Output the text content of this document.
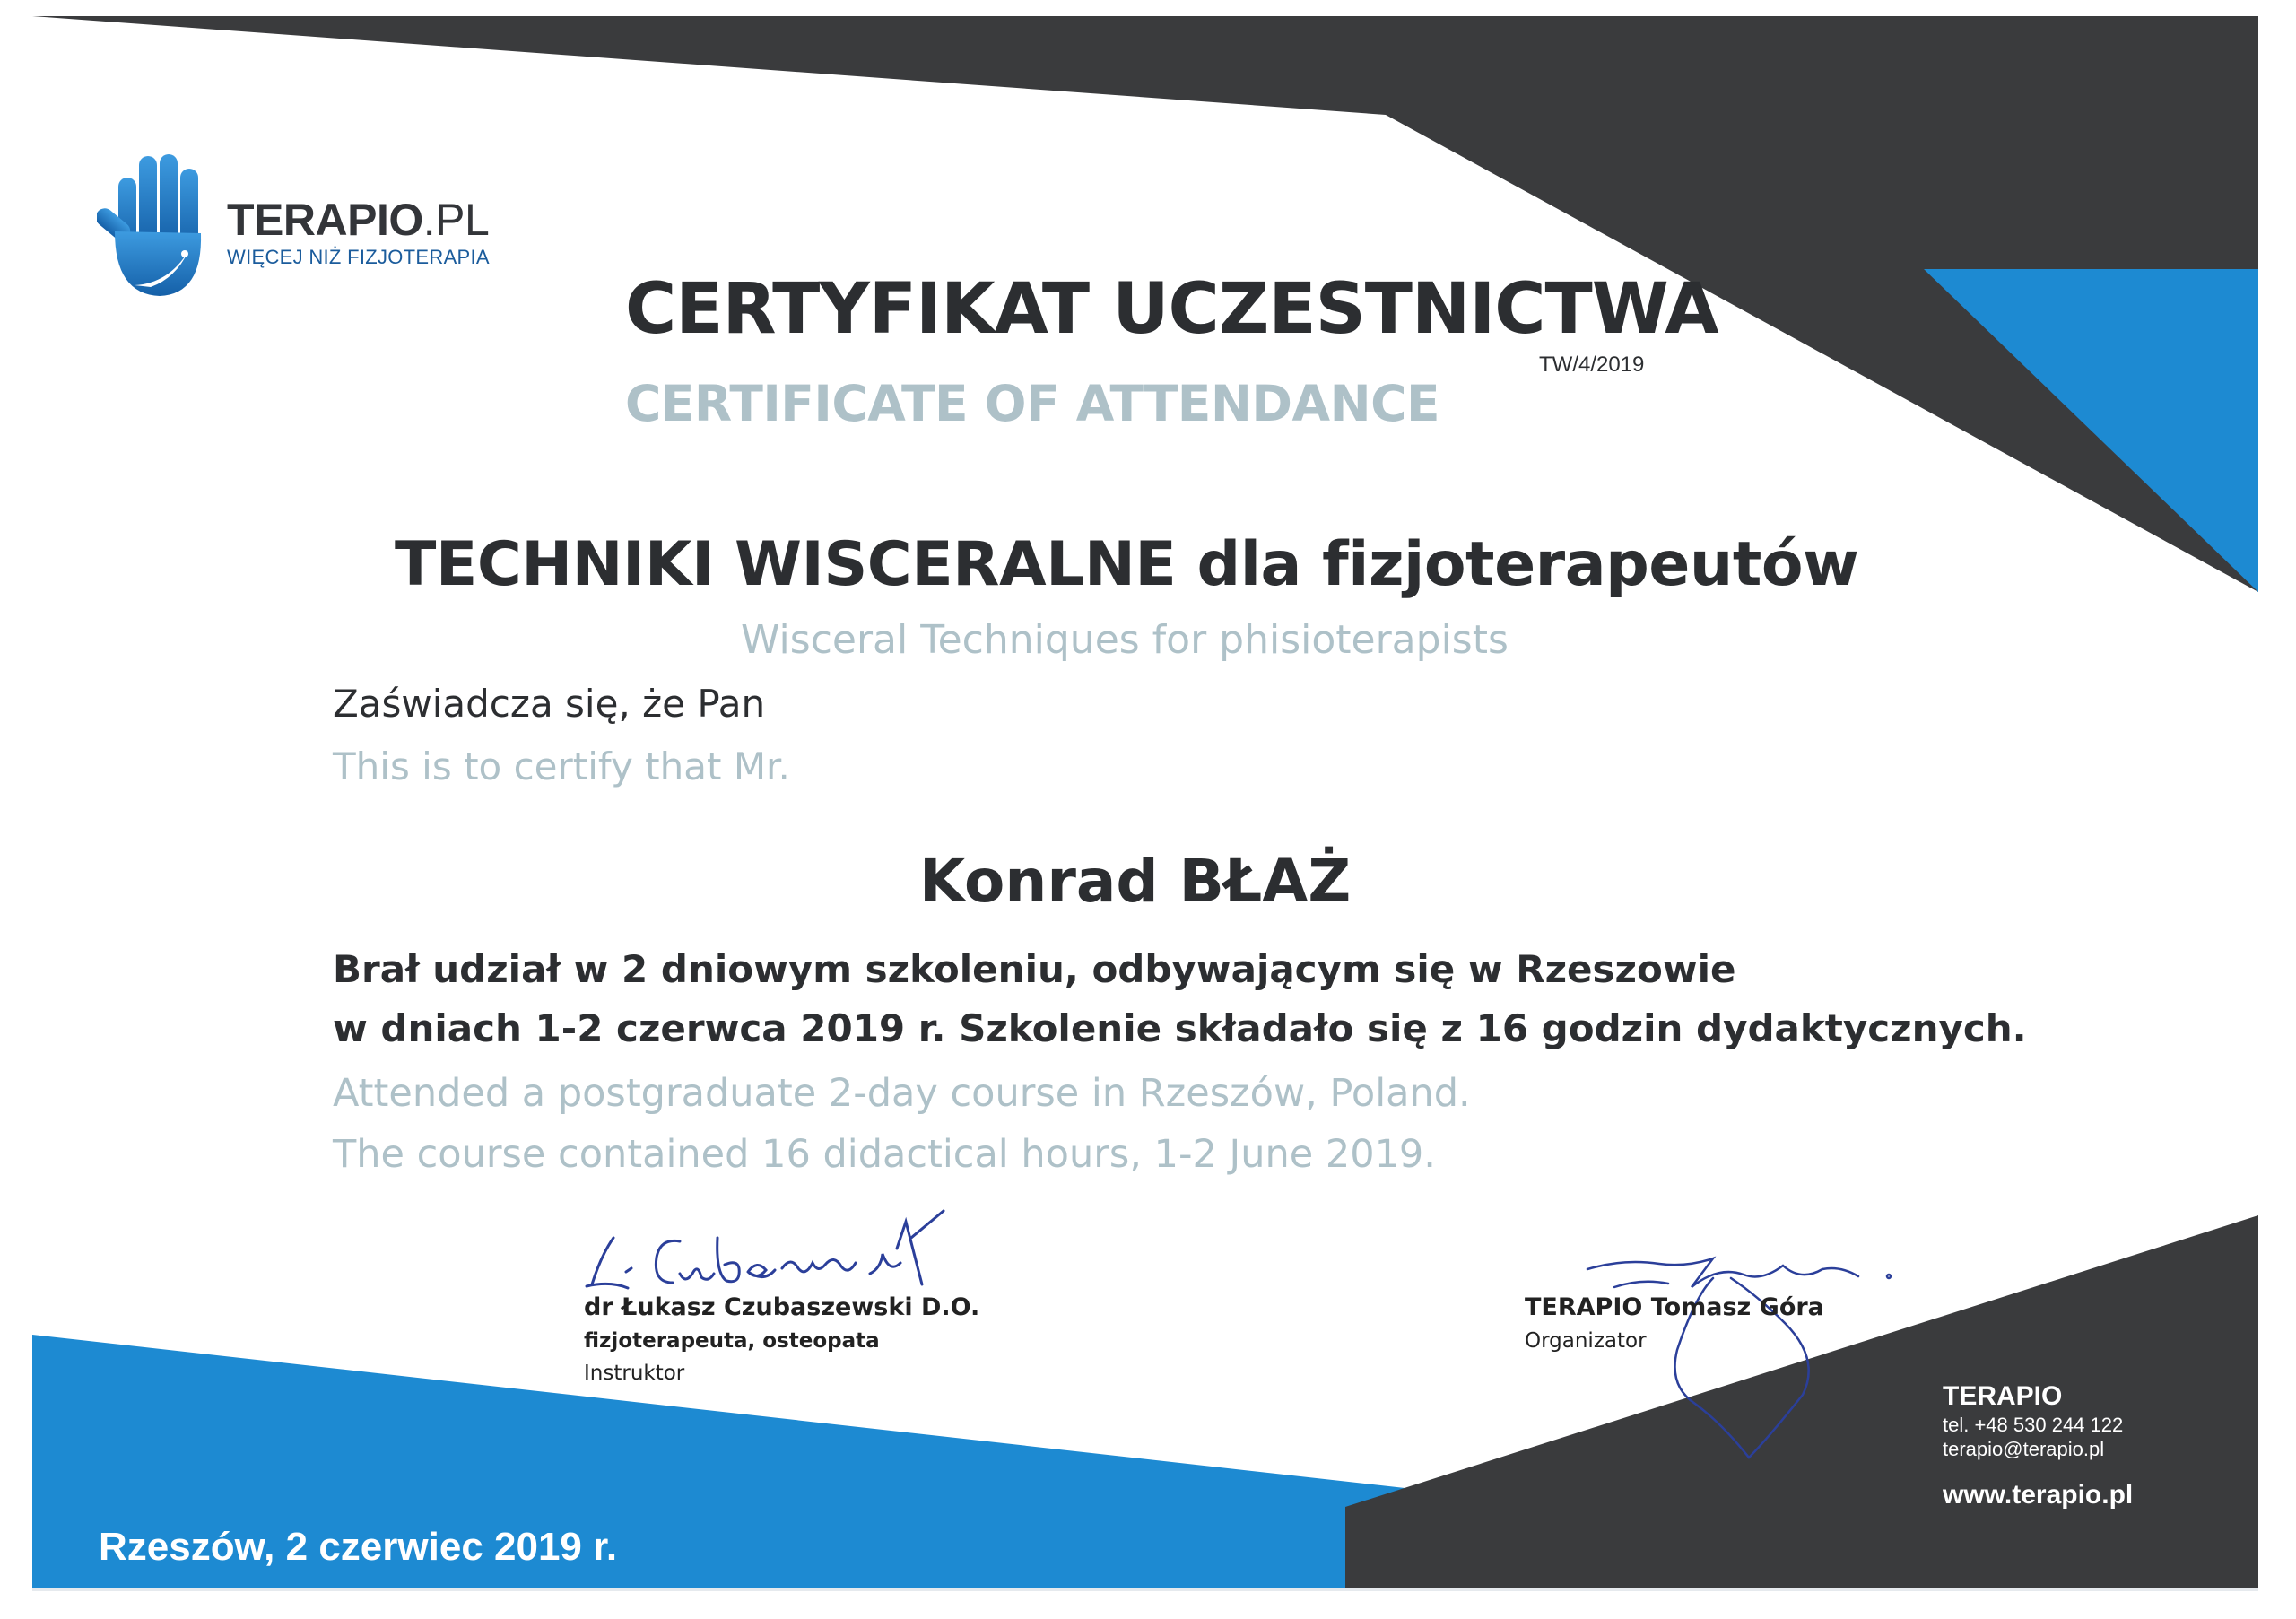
TERAPIO.PL
WIĘCEJ NIŻ FIZJOTERAPIA
CERTYFIKAT UCZESTNICTWA
TW/4/2019
CERTIFICATE OF ATTENDANCE
TECHNIKI WISCERALNE dla fizjoterapeutów
Wisceral Techniques for phisioterapists
Zaświadcza się, że Pan
This is to certify that Mr.
Konrad BŁAŻ
Brał udział w 2 dniowym szkoleniu, odbywającym się w Rzeszowie
w dniach 1-2 czerwca 2019 r. Szkolenie składało się z 16 godzin dydaktycznych.
Attended a postgraduate 2-day course in Rzeszów, Poland.
The course contained 16 didactical hours, 1-2 June 2019.
dr Łukasz Czubaszewski D.O.
fizjoterapeuta, osteopata
Instruktor
TERAPIO Tomasz Góra
Organizator
TERAPIO
tel. +48 530 244 122
terapio@terapio.pl
www.terapio.pl
Rzeszów, 2 czerwiec 2019 r.
